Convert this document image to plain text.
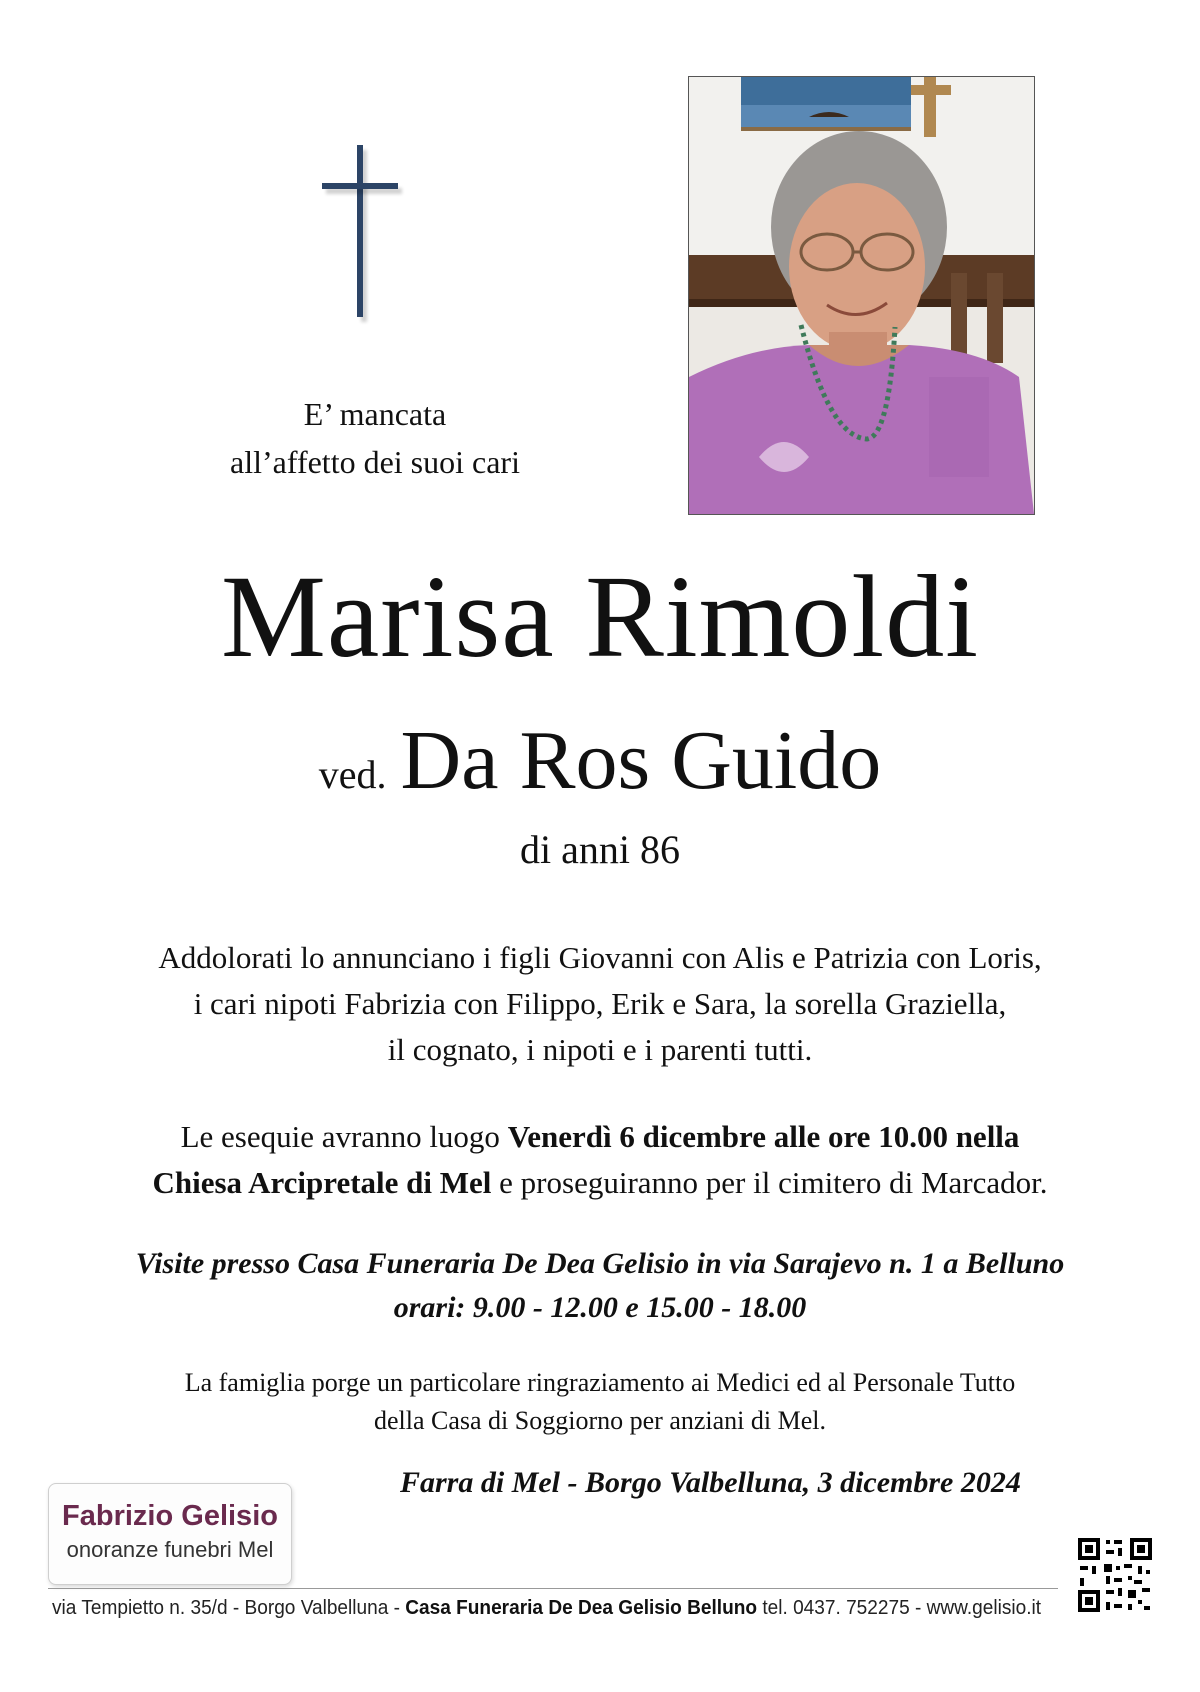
E’ mancata
all’affetto dei suoi cari
Marisa Rimoldi
ved. Da Ros Guido
di anni 86
Addolorati lo annunciano i figli Giovanni con Alis e Patrizia con Loris,
i cari nipoti Fabrizia con Filippo, Erik e Sara, la sorella Graziella,
il cognato, i nipoti e i parenti tutti.
Le esequie avranno luogo Venerdì 6 dicembre alle ore 10.00 nella
Chiesa Arcipretale di Mel e proseguiranno per il cimitero di Marcador.
Visite presso Casa Funeraria De Dea Gelisio in via Sarajevo n. 1 a Belluno
orari: 9.00 - 12.00 e 15.00 - 18.00
La famiglia porge un particolare ringraziamento ai Medici ed al Personale Tutto
della Casa di Soggiorno per anziani di Mel.
Farra di Mel - Borgo Valbelluna, 3 dicembre 2024
Fabrizio Gelisio
onoranze funebri Mel
via Tempietto n. 35/d - Borgo Valbelluna - Casa Funeraria De Dea Gelisio Belluno tel. 0437. 752275 - www.gelisio.it
